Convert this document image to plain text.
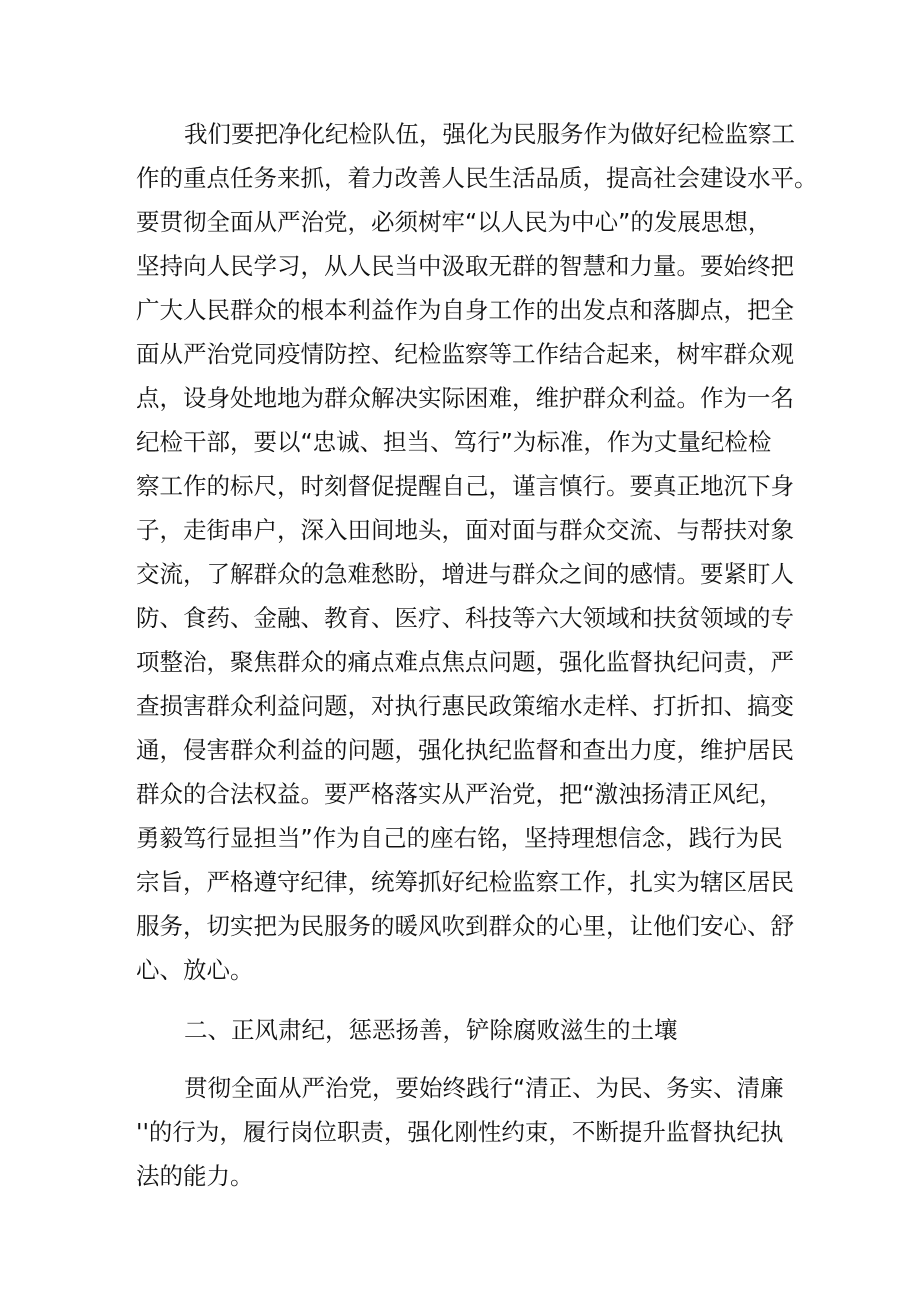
我们要把净化纪检队伍，强化为民服务作为做好纪检监察工
作的重点任务来抓，着力改善人民生活品质，提高社会建设水平。
要贯彻全面从严治党，必须树牢“以人民为中心”的发展思想，
坚持向人民学习，从人民当中汲取无群的智慧和力量。要始终把
广大人民群众的根本利益作为自身工作的出发点和落脚点，把全
面从严治党同疫情防控、纪检监察等工作结合起来，树牢群众观
点，设身处地地为群众解决实际困难，维护群众利益。作为一名
纪检干部，要以“忠诚、担当、笃行”为标准，作为丈量纪检检
察工作的标尺，时刻督促提醒自己，谨言慎行。要真正地沉下身
子，走街串户，深入田间地头，面对面与群众交流、与帮扶对象
交流，了解群众的急难愁盼，增进与群众之间的感情。要紧盯人
防、食药、金融、教育、医疗、科技等六大领域和扶贫领域的专
项整治，聚焦群众的痛点难点焦点问题，强化监督执纪问责，严
查损害群众利益问题，对执行惠民政策缩水走样、打折扣、搞变
通，侵害群众利益的问题，强化执纪监督和查出力度，维护居民
群众的合法权益。要严格落实从严治党，把“激浊扬清正风纪，
勇毅笃行显担当”作为自己的座右铭，坚持理想信念，践行为民
宗旨，严格遵守纪律，统筹抓好纪检监察工作，扎实为辖区居民
服务，切实把为民服务的暖风吹到群众的心里，让他们安心、舒
心、放心。
二、正风肃纪，惩恶扬善，铲除腐败滋生的土壤
贯彻全面从严治党，要始终践行“清正、为民、务实、清廉
''的行为，履行岗位职责，强化刚性约束，不断提升监督执纪执
法的能力。
